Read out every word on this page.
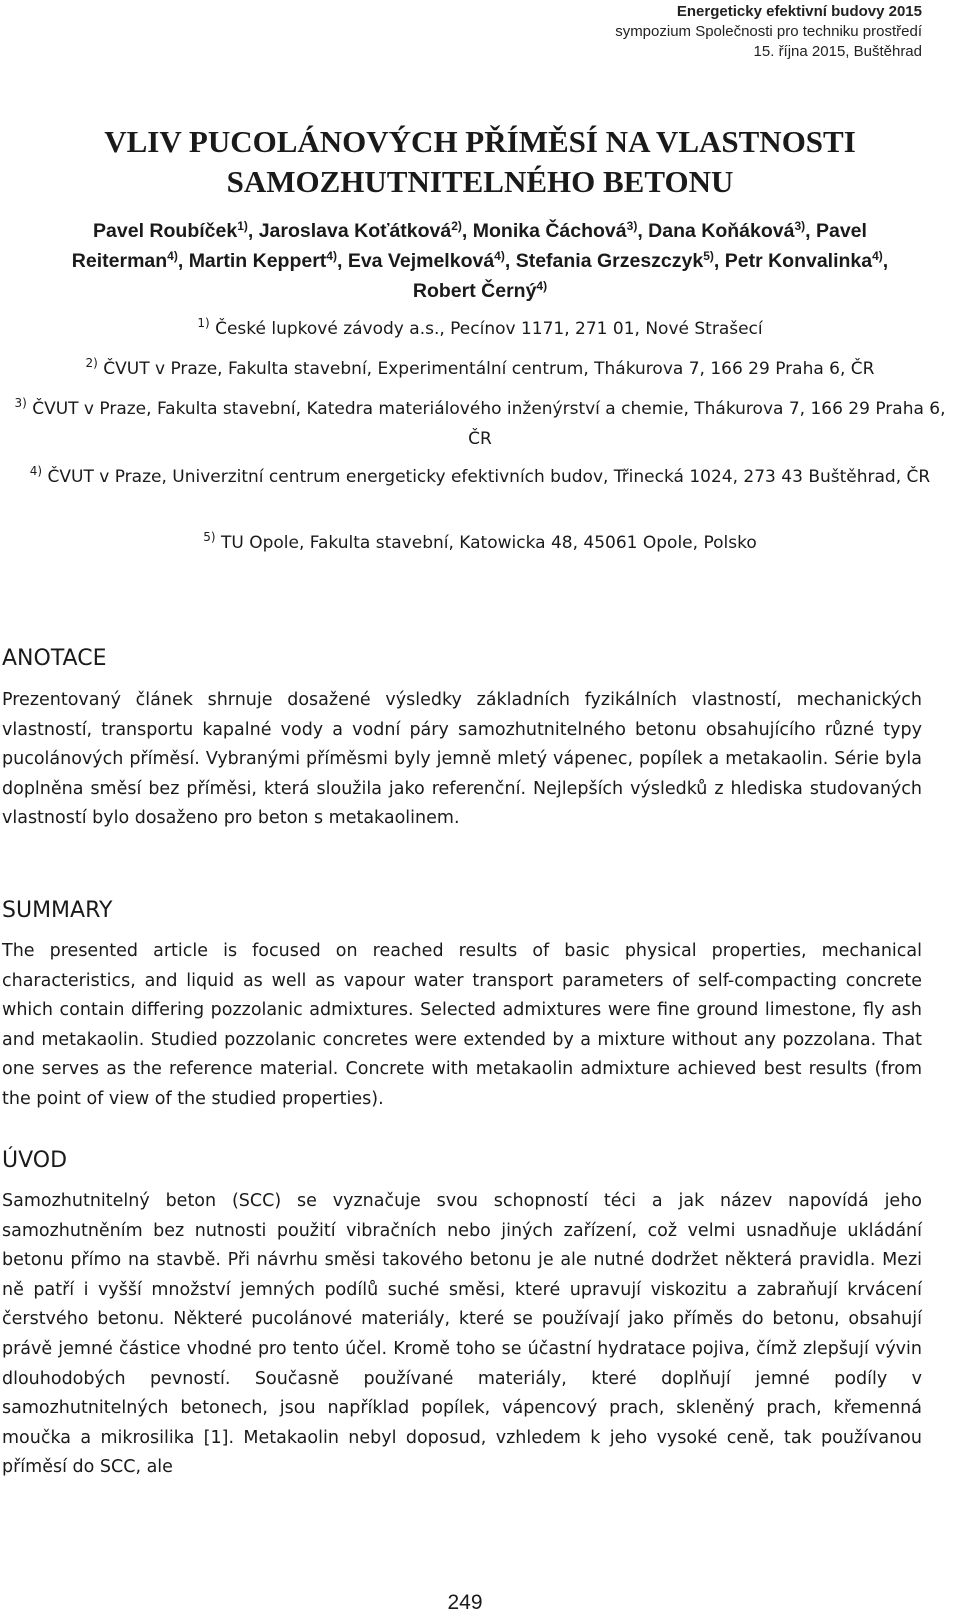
Energeticky efektivní budovy 2015
sympozium Společnosti pro techniku prostředí
15. října 2015, Buštěhrad
VLIV PUCOLÁNOVÝCH PŘÍMĚSÍ NA VLASTNOSTI
SAMOZHUTNITELNÉHO BETONU
Pavel Roubíček$^{1)}$, Jaroslava Koťátková$^{2)}$, Monika Čáchová$^{3)}$, Dana Koňáková$^{3)}$, Pavel
Reiterman$^{4)}$, Martin Keppert$^{4)}$, Eva Vejmelková$^{4)}$, Stefania Grzeszczyk$^{5)}$, Petr Konvalinka$^{4)}$,
Robert Černý$^{4)}$
$^{1)}$ České lupkové závody a.s., Pecínov 1171, 271 01, Nové Strašecí
$^{2)}$ ČVUT v Praze, Fakulta stavební, Experimentální centrum, Thákurova 7, 166 29 Praha 6, ČR
$^{3)}$ ČVUT v Praze, Fakulta stavební, Katedra materiálového inženýrství a chemie, Thákurova 7, 166 29 Praha 6, ČR
$^{4)}$ ČVUT v Praze, Univerzitní centrum energeticky efektivních budov, Třinecká 1024, 273 43 Buštěhrad, ČR
$^{5)}$ TU Opole, Fakulta stavební, Katowicka 48, 45061 Opole, Polsko
ANOTACE

Prezentovaný článek shrnuje dosažené výsledky základních fyzikálních vlastností, mechanických vlastností, transportu kapalné vody a vodní páry samozhutnitelného betonu obsahujícího různé typy pucolánových příměsí. Vybranými příměsmi byly jemně mletý vápenec, popílek a metakaolin. Série byla doplněna směsí bez příměsi, která sloužila jako referenční. Nejlepších výsledků z hlediska studovaných vlastností bylo dosaženo pro beton s metakaolinem.

SUMMARY

The presented article is focused on reached results of basic physical properties, mechanical characteristics, and liquid as well as vapour water transport parameters of self-compacting concrete which contain differing pozzolanic admixtures. Selected admixtures were fine ground limestone, fly ash and metakaolin. Studied pozzolanic concretes were extended by a mixture without any pozzolana. That one serves as the reference material. Concrete with metakaolin admixture achieved best results (from the point of view of the studied properties).

ÚVOD

Samozhutnitelný beton (SCC) se vyznačuje svou schopností téci a jak název napovídá jeho samozhutněním bez nutnosti použití vibračních nebo jiných zařízení, což velmi usnadňuje ukládání betonu přímo na stavbě. Při návrhu směsi takového betonu je ale nutné dodržet některá pravidla. Mezi ně patří i vyšší množství jemných podílů suché směsi, které upravují viskozitu a zabraňují krvácení čerstvého betonu. Některé pucolánové materiály, které se používají jako příměs do betonu, obsahují právě jemné částice vhodné pro tento účel. Kromě toho se účastní hydratace pojiva, čímž zlepšují vývin dlouhodobých pevností. Současně používané materiály, které doplňují jemné podíly v samozhutnitelných betonech, jsou například popílek, vápencový prach, skleněný prach, křemenná moučka a mikrosilika [1]. Metakaolin nebyl doposud, vzhledem k jeho vysoké ceně, tak používanou příměsí do SCC, ale

249
